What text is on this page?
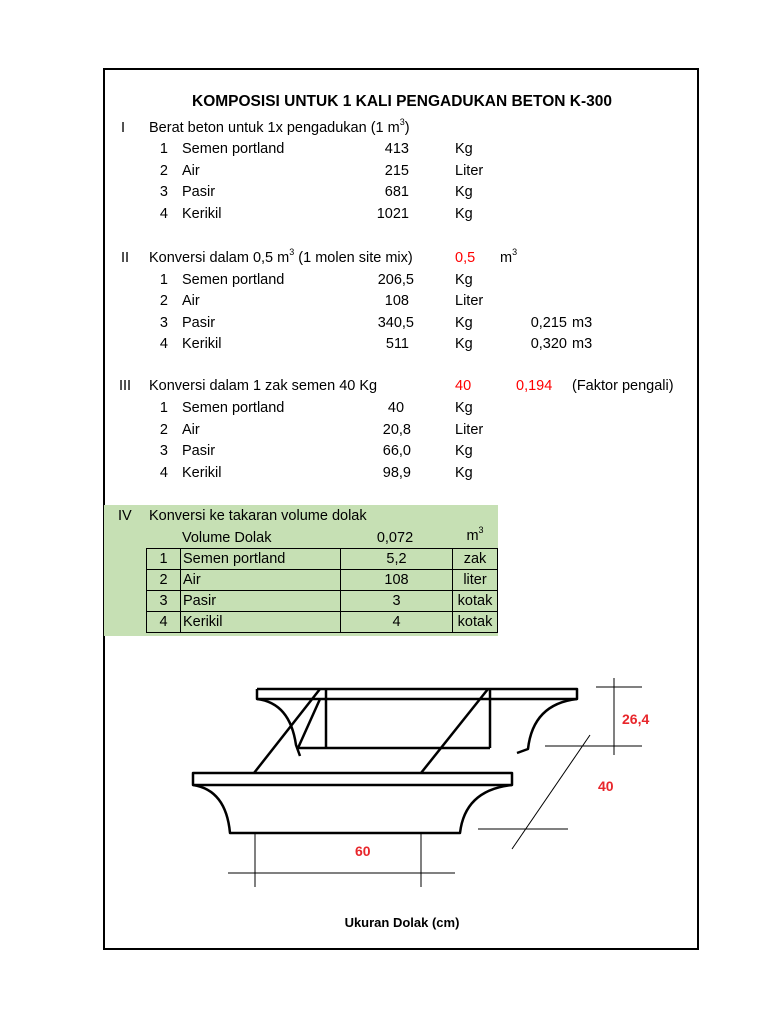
KOMPOSISI UNTUK 1 KALI PENGADUKAN BETON K-300
I Berat beton untuk 1x pengadukan (1 $m^3$)
1 Semen portland	413	Kg
2 Air	215	Liter
3 Pasir	681	Kg
4 Kerikil	1021	Kg
II Konversi dalam 0,5 $m^3$ (1 molen site mix)	0,5 $m^3$
1 Semen portland	206,5	Kg
2 Air	108	Liter
3 Pasir	340,5	Kg	0,215 m3
4 Kerikil	511	Kg	0,320 m3
III Konversi dalam 1 zak semen 40 Kg	40	0,194 (Faktor pengali)
1 Semen portland	40	Kg
2 Air	20,8	Liter
3 Pasir	66,0	Kg
4 Kerikil	98,9	Kg
IV Konversi ke takaran volume dolak
Volume Dolak	0,072	$m^3$
1	Semen portland	5,2	zak
2	Air	108	liter
3	Pasir	3	kotak
4	Kerikil	4	kotak
26,4
40
60
Ukuran Dolak (cm)
